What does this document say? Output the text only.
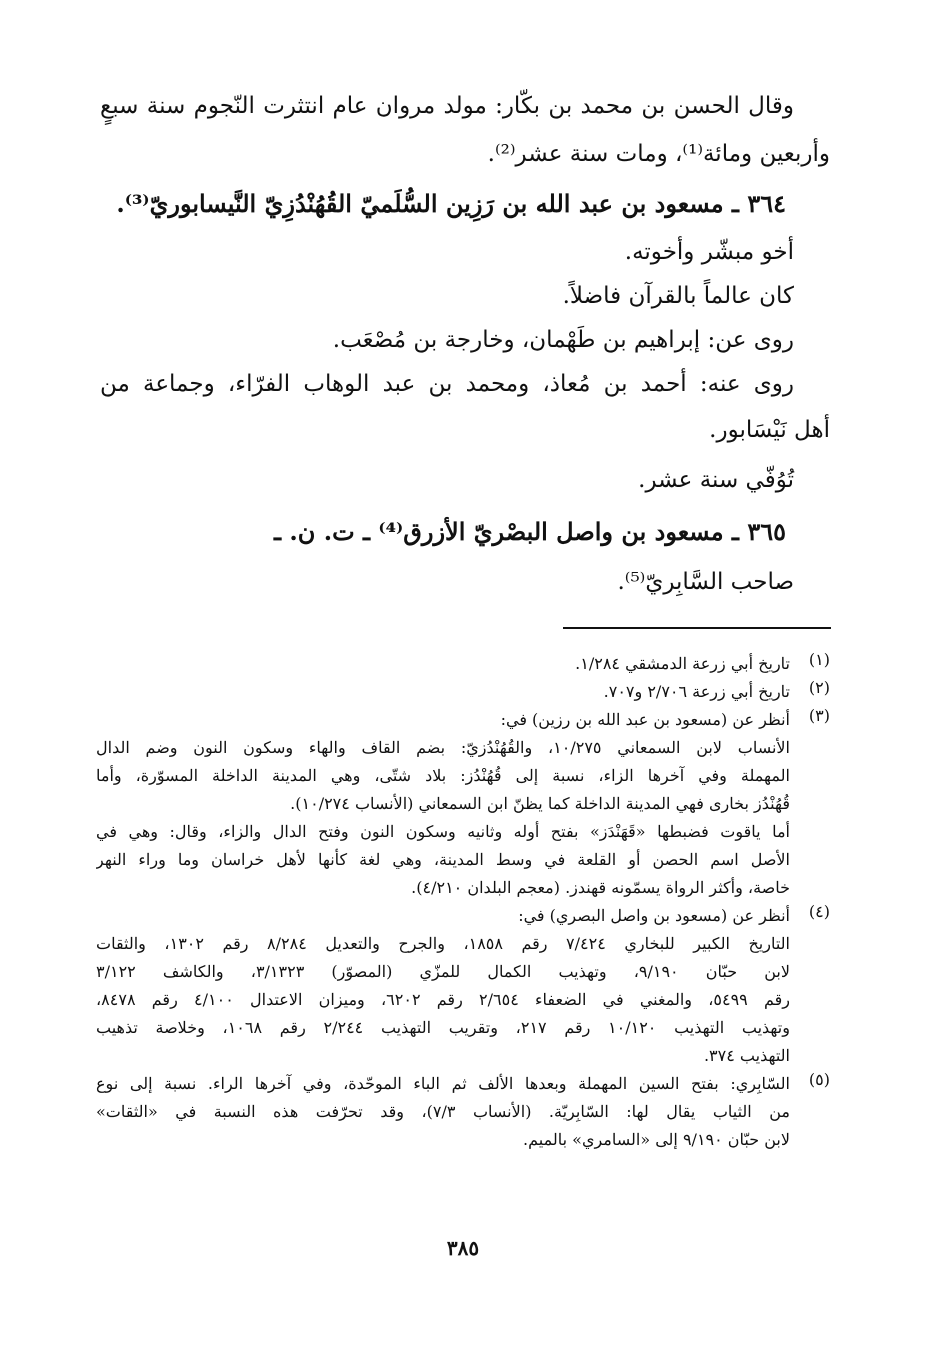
وقال الحسن بن محمد بن بكّار: مولد مروان عام انتثرت النّجوم سنة سبعٍ
وأربعين ومائة⁽¹⁾، ومات سنة عشر⁽²⁾.
٣٦٤ ـ مسعود بن عبد الله بن رَزِين السُّلَميّ القُهُنْدُزِيّ النَّيسابوريّ⁽³⁾.
أخو مبشّر وأخوته.
كان عالماً بالقرآن فاضلاً.
روى عن: إبراهيم بن طَهْمان، وخارجة بن مُصْعَب.
روى عنه: أحمد بن مُعاذ، ومحمد بن عبد الوهاب الفرّاء، وجماعة من
أهل نَيْسَابور.
تُوُفّي سنة عشر.
٣٦٥ ـ مسعود بن واصل البصْريّ الأزرق⁽⁴⁾ ـ ت. ن. ـ
صاحب السَّابِريّ⁽⁵⁾.
(١)
تاريخ أبي زرعة الدمشقي ١/٢٨٤.
(٢)
تاريخ أبي زرعة ٢/٧٠٦ و٧٠٧.
(٣)
أنظر عن (مسعود بن عبد الله بن رزين) في:
الأنساب لابن السمعاني ١٠/٢٧٥، والقُهُنْدُزيّ: بضم القاف والهاء وسكون النون وضم الدال
المهملة وفي آخرها الزاء، نسبة إلى قُهُنْدُز: بلاد شتّى، وهي المدينة الداخلة المسوّرة، وأما
قُهُنْدُز بخارى فهي المدينة الداخلة كما يظنّ ابن السمعاني (الأنساب ١٠/٢٧٤).
أما ياقوت فضبطها «قَهَنْدَز» بفتح أوله وثانيه وسكون النون وفتح الدال والزاء، وقال: وهي في
الأصل اسم الحصن أو القلعة في وسط المدينة، وهي لغة كأنها لأهل خراسان وما وراء النهر
خاصة، وأكثر الرواة يسمّونه قهندز. (معجم البلدان ٤/٢١٠).
(٤)
أنظر عن (مسعود بن واصل البصري) في:
التاريخ الكبير للبخاري ٧/٤٢٤ رقم ١٨٥٨، والجرح والتعديل ٨/٢٨٤ رقم ١٣٠٢، والثقات
لابن حبّان ٩/١٩٠، وتهذيب الكمال للمزّي (المصوّر) ٣/١٣٢٣، والكاشف ٣/١٢٢
رقم ٥٤٩٩، والمغني في الضعفاء ٢/٦٥٤ رقم ٦٢٠٢، وميزان الاعتدال ٤/١٠٠ رقم ٨٤٧٨،
وتهذيب التهذيب ١٠/١٢٠ رقم ٢١٧، وتقريب التهذيب ٢/٢٤٤ رقم ١٠٦٨، وخلاصة تذهيب
التهذيب ٣٧٤.
(٥)
السّابِري: بفتح السين المهملة وبعدها الألف ثم الباء الموحّدة، وفي آخرها الراء. نسبة إلى نوع
من الثياب يقال لها: السّابِريّة. (الأنساب ٧/٣)، وقد تحرّفت هذه النسبة في «الثقات»
لابن حبّان ٩/١٩٠ إلى «السامري» بالميم.
٣٨٥
